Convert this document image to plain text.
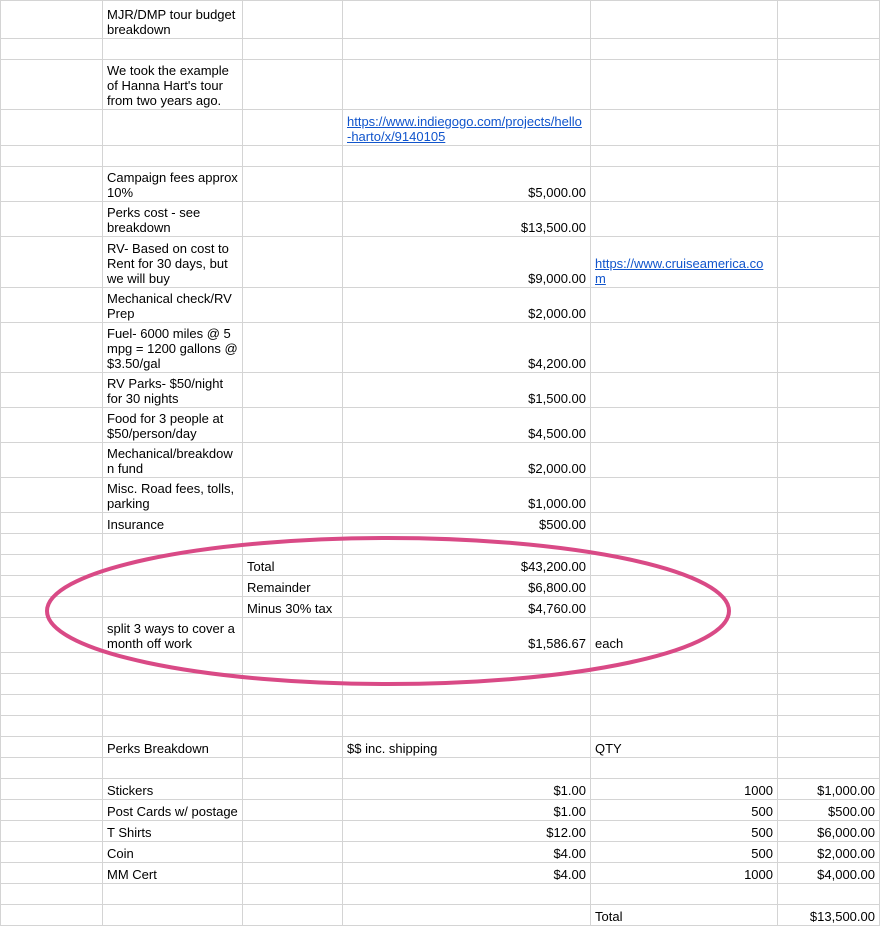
	MJR/DMP tour budget breakdown				

	We took the example of Hanna Hart's tour from two years ago.				
			https://www.indiegogo.com/projects/hello-harto/x/9140105		

	Campaign fees approx 10%		$5,000.00		
	Perks cost - see breakdown		$13,500.00		
	RV- Based on cost to Rent for 30 days, but we will buy		$9,000.00	https://www.cruiseamerica.com	
	Mechanical check/RV Prep		$2,000.00		
	Fuel- 6000 miles @ 5 mpg = 1200 gallons @ $3.50/gal		$4,200.00		
	RV Parks- $50/night for 30 nights		$1,500.00		
	Food for 3 people at $50/person/day		$4,500.00		
	Mechanical/breakdown fund		$2,000.00		
	Misc. Road fees, tolls, parking		$1,000.00		
	Insurance		$500.00		

		Total	$43,200.00		
		Remainder	$6,800.00		
		Minus 30% tax	$4,760.00		
	split 3 ways to cover a month off work		$1,586.67	each	

	Perks Breakdown		$$ inc. shipping	QTY	

	Stickers		$1.00	1000	$1,000.00
	Post Cards w/ postage		$1.00	500	$500.00
	T Shirts		$12.00	500	$6,000.00
	Coin		$4.00	500	$2,000.00
	MM Cert		$4.00	1000	$4,000.00

				Total	$13,500.00
